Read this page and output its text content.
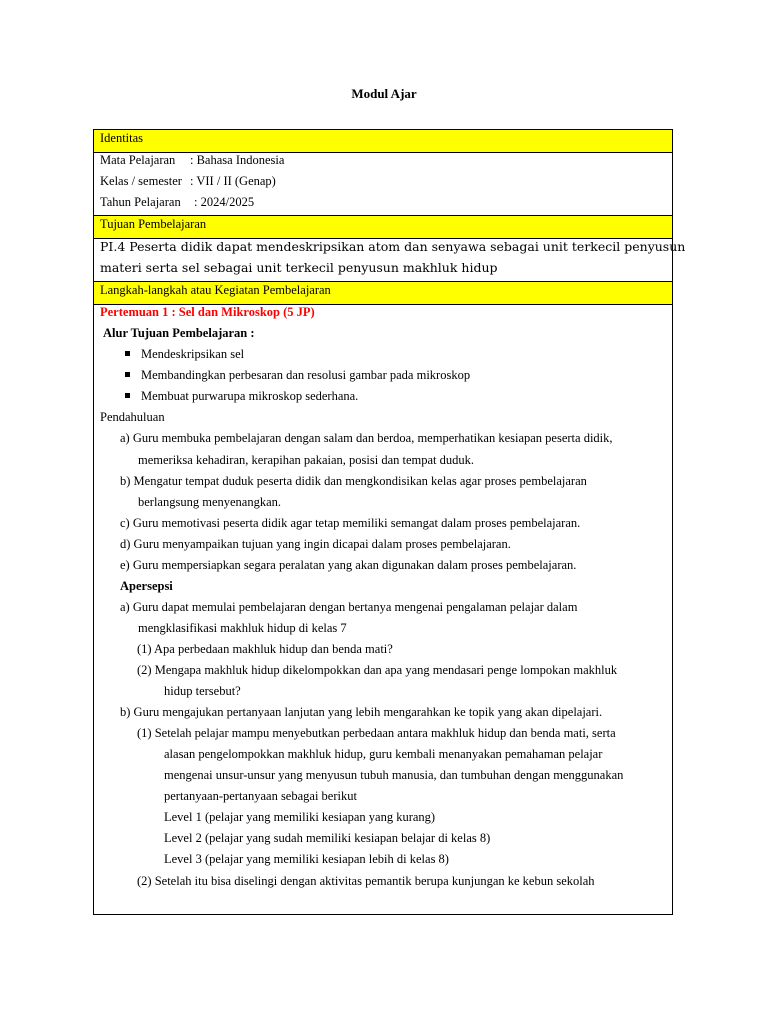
Modul Ajar
Identitas
Mata Pelajaran : Bahasa Indonesia
Kelas / semester : VII / II (Genap)
Tahun Pelajaran : 2024/2025
Tujuan Pembelajaran
PI.4 Peserta didik dapat mendeskripsikan atom dan senyawa sebagai unit terkecil penyusun
materi serta sel sebagai unit terkecil penyusun makhluk hidup
Langkah-langkah atau Kegiatan Pembelajaran
Pertemuan 1 : Sel dan Mikroskop (5 JP)
Alur Tujuan Pembelajaran :
Mendeskripsikan sel
Membandingkan perbesaran dan resolusi gambar pada mikroskop
Membuat purwarupa mikroskop sederhana.
Pendahuluan
a) Guru membuka pembelajaran dengan salam dan berdoa, memperhatikan kesiapan peserta didik,
memeriksa kehadiran, kerapihan pakaian, posisi dan tempat duduk.
b) Mengatur tempat duduk peserta didik dan mengkondisikan kelas agar proses pembelajaran
berlangsung menyenangkan.
c) Guru memotivasi peserta didik agar tetap memiliki semangat dalam proses pembelajaran.
d) Guru menyampaikan tujuan yang ingin dicapai dalam proses pembelajaran.
e) Guru mempersiapkan segara peralatan yang akan digunakan dalam proses pembelajaran.
Apersepsi
a) Guru dapat memulai pembelajaran dengan bertanya mengenai pengalaman pelajar dalam
mengklasifikasi makhluk hidup di kelas 7
(1) Apa perbedaan makhluk hidup dan benda mati?
(2) Mengapa makhluk hidup dikelompokkan dan apa yang mendasari penge lompokan makhluk
hidup tersebut?
b) Guru mengajukan pertanyaan lanjutan yang lebih mengarahkan ke topik yang akan dipelajari.
(1) Setelah pelajar mampu menyebutkan perbedaan antara makhluk hidup dan benda mati, serta
alasan pengelompokkan makhluk hidup, guru kembali menanyakan pemahaman pelajar
mengenai unsur-unsur yang menyusun tubuh manusia, dan tumbuhan dengan menggunakan
pertanyaan-pertanyaan sebagai berikut
Level 1 (pelajar yang memiliki kesiapan yang kurang)
Level 2 (pelajar yang sudah memiliki kesiapan belajar di kelas 8)
Level 3 (pelajar yang memiliki kesiapan lebih di kelas 8)
(2) Setelah itu bisa diselingi dengan aktivitas pemantik berupa kunjungan ke kebun sekolah
